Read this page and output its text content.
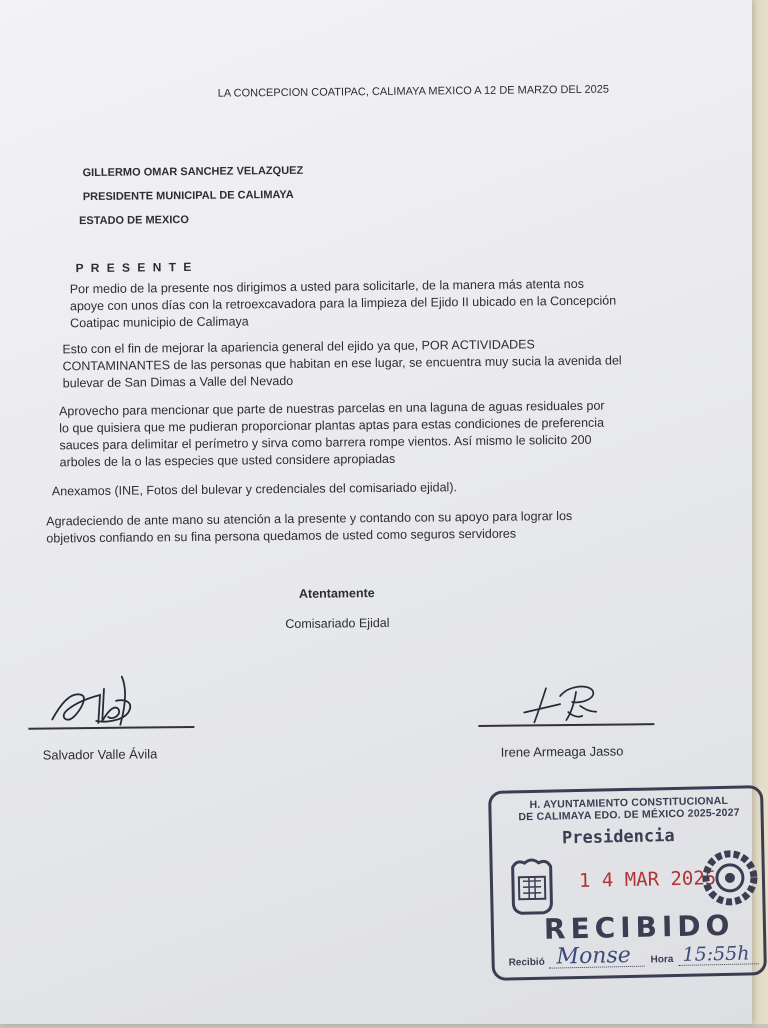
LA CONCEPCION COATIPAC, CALIMAYA MEXICO A 12 DE MARZO DEL 2025
GILLERMO OMAR SANCHEZ VELAZQUEZ
PRESIDENTE MUNICIPAL DE CALIMAYA
ESTADO DE MEXICO
P R E S E N T E
Por medio de la presente nos dirigimos a usted para solicitarle, de la manera más atenta nos
apoye con unos días con la retroexcavadora para la limpieza del Ejido II ubicado en la Concepción
Coatipac municipio de Calimaya
Esto con el fin de mejorar la apariencia general del ejido ya que, POR ACTIVIDADES
CONTAMINANTES de las personas que habitan en ese lugar, se encuentra muy sucia la avenida del
bulevar de San Dimas a Valle del Nevado
Aprovecho para mencionar que parte de nuestras parcelas en una laguna de aguas residuales por
lo que quisiera que me pudieran proporcionar plantas aptas para estas condiciones de preferencia
sauces para delimitar el perímetro y sirva como barrera rompe vientos. Así mismo le solicito 200
arboles de la o las especies que usted considere apropiadas
Anexamos (INE, Fotos del bulevar y credenciales del comisariado ejidal).
Agradeciendo de ante mano su atención a la presente y contando con su apoyo para lograr los
objetivos confiando en su fina persona quedamos de usted como seguros servidores
Atentamente
Comisariado Ejidal
Salvador Valle Ávila	Irene Armeaga Jasso
H. AYUNTAMIENTO CONSTITUCIONAL
DE CALIMAYA EDO. DE MÉXICO 2025-2027
Presidencia
1 4 MAR 2025
RECIBIDO
Recibió Monse Hora 15:55h
